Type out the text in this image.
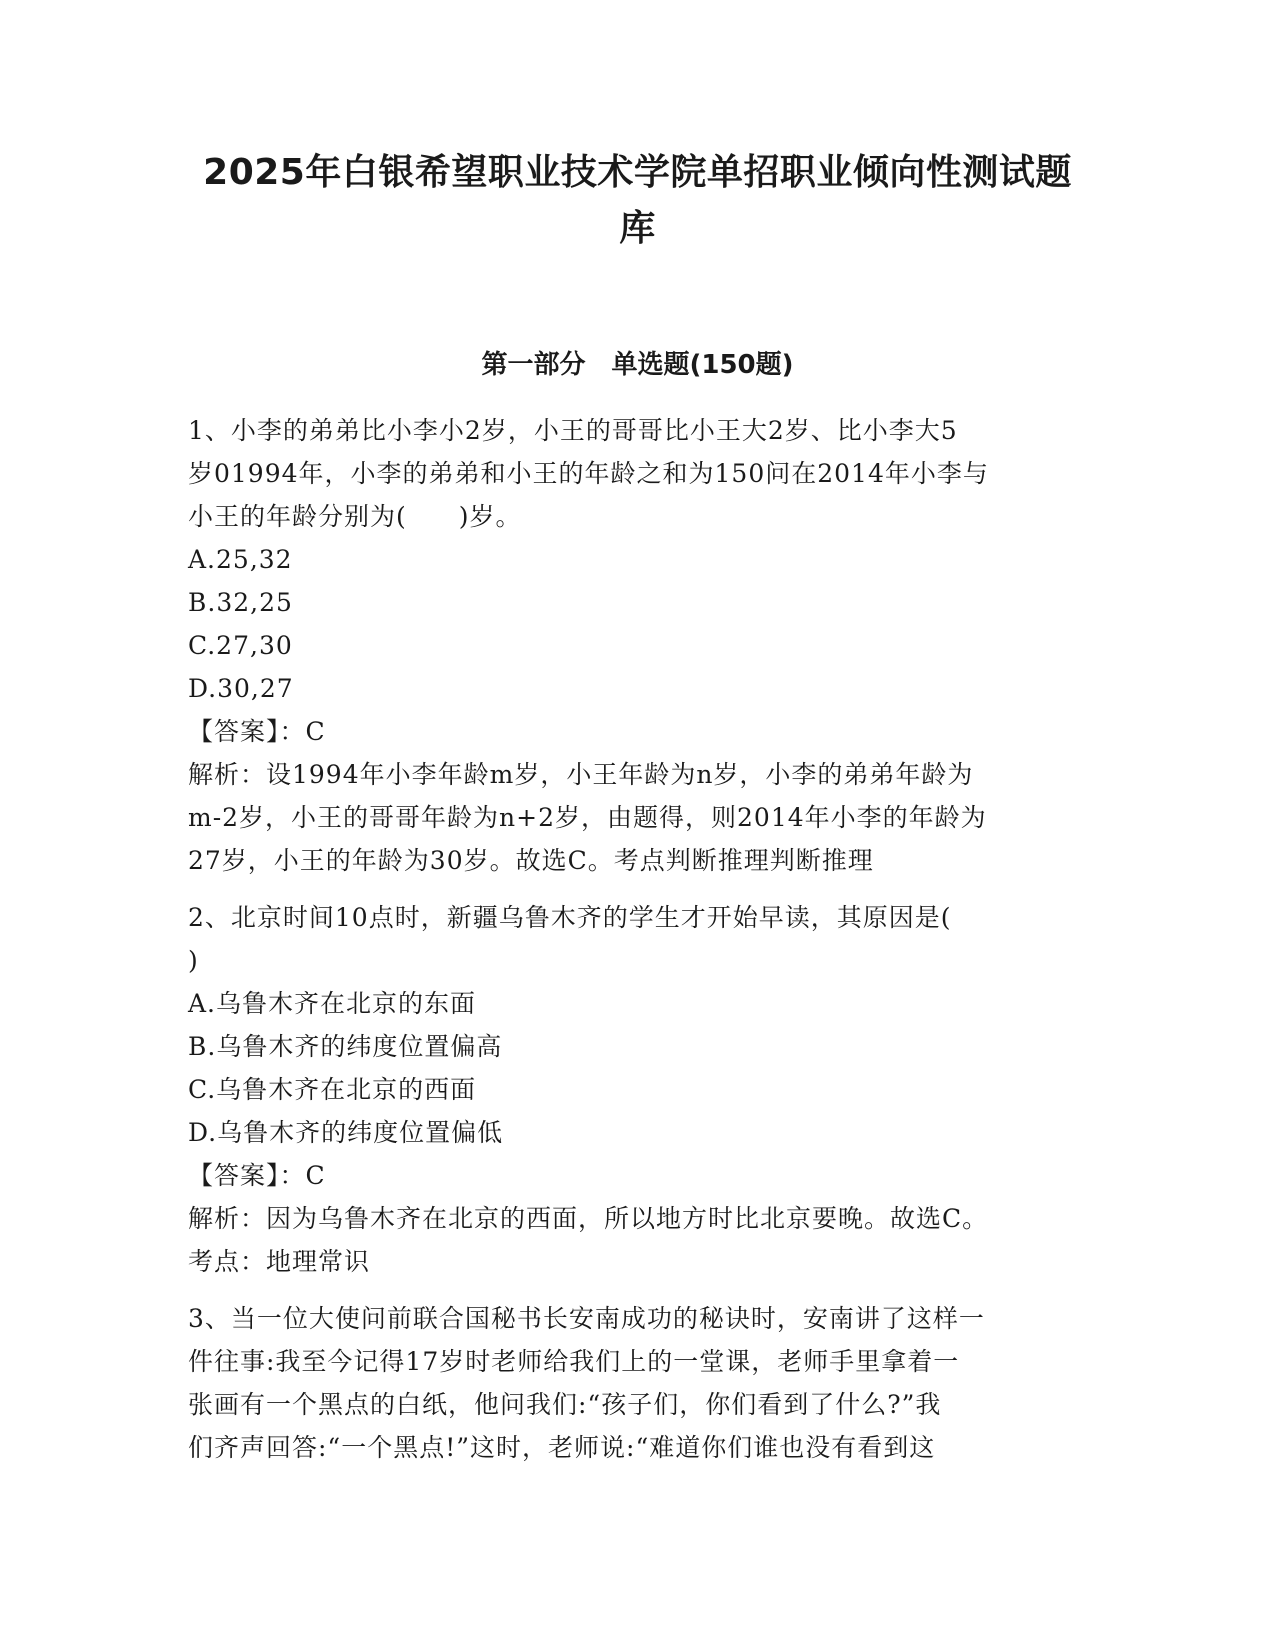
2025年白银希望职业技术学院单招职业倾向性测试题
库
第一部分　单选题(150题)
1、小李的弟弟比小李小2岁，小王的哥哥比小王大2岁、比小李大5
岁01994年，小李的弟弟和小王的年龄之和为150问在2014年小李与
小王的年龄分别为(　　)岁。
A.25,32
B.32,25
C.27,30
D.30,27
【答案】：C
解析：设1994年小李年龄m岁，小王年龄为n岁，小李的弟弟年龄为
m-2岁，小王的哥哥年龄为n+2岁，由题得，则2014年小李的年龄为
27岁，小王的年龄为30岁。故选C。考点判断推理判断推理
2、北京时间10点时，新疆乌鲁木齐的学生才开始早读，其原因是(
)
A.乌鲁木齐在北京的东面
B.乌鲁木齐的纬度位置偏高
C.乌鲁木齐在北京的西面
D.乌鲁木齐的纬度位置偏低
【答案】：C
解析：因为乌鲁木齐在北京的西面，所以地方时比北京要晚。故选C。
考点：地理常识
3、当一位大使问前联合国秘书长安南成功的秘诀时，安南讲了这样一
件往事:我至今记得17岁时老师给我们上的一堂课，老师手里拿着一
张画有一个黑点的白纸，他问我们:“孩子们，你们看到了什么?”我
们齐声回答:“一个黑点!”这时，老师说:“难道你们谁也没有看到这
